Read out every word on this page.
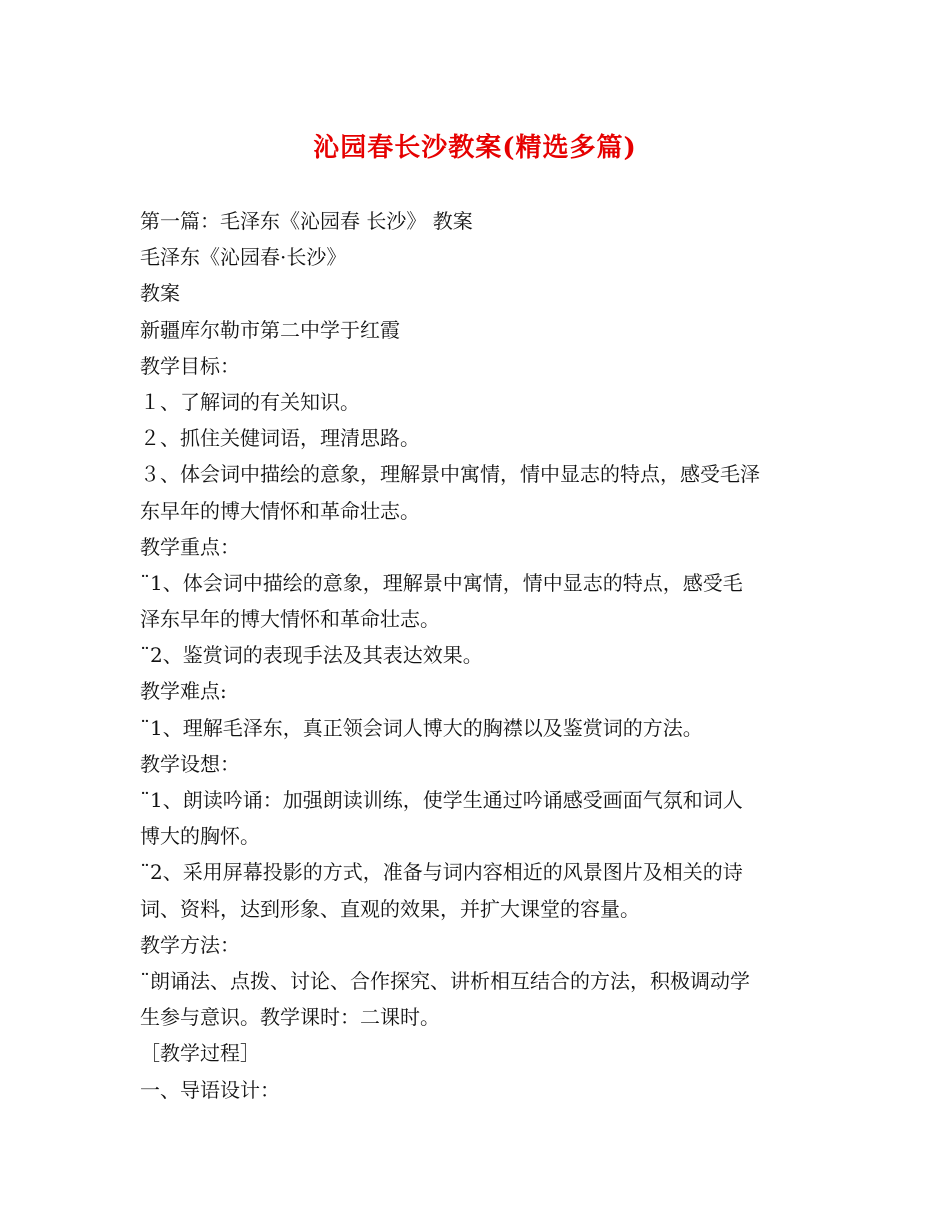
沁园春长沙教案(精选多篇)
第一篇：毛泽东《沁园春 长沙》 教案
毛泽东《沁园春·长沙》
教案
新疆库尔勒市第二中学于红霞
教学目标：
１、了解词的有关知识。
２、抓住关健词语，理清思路。
３、体会词中描绘的意象，理解景中寓情，情中显志的特点，感受毛泽
东早年的博大情怀和革命壮志。
教学重点：
¨1、体会词中描绘的意象，理解景中寓情，情中显志的特点，感受毛
泽东早年的博大情怀和革命壮志。
¨2、鉴赏词的表现手法及其表达效果。
教学难点:
¨1、理解毛泽东，真正领会词人博大的胸襟以及鉴赏词的方法。
教学设想：
¨1、朗读吟诵：加强朗读训练，使学生通过吟诵感受画面气氛和词人
博大的胸怀。
¨2、采用屏幕投影的方式，准备与词内容相近的风景图片及相关的诗
词、资料，达到形象、直观的效果，并扩大课堂的容量。
教学方法：
¨朗诵法、点拨、讨论、合作探究、讲析相互结合的方法，积极调动学
生参与意识。教学课时：二课时。
［教学过程］
一、导语设计：
